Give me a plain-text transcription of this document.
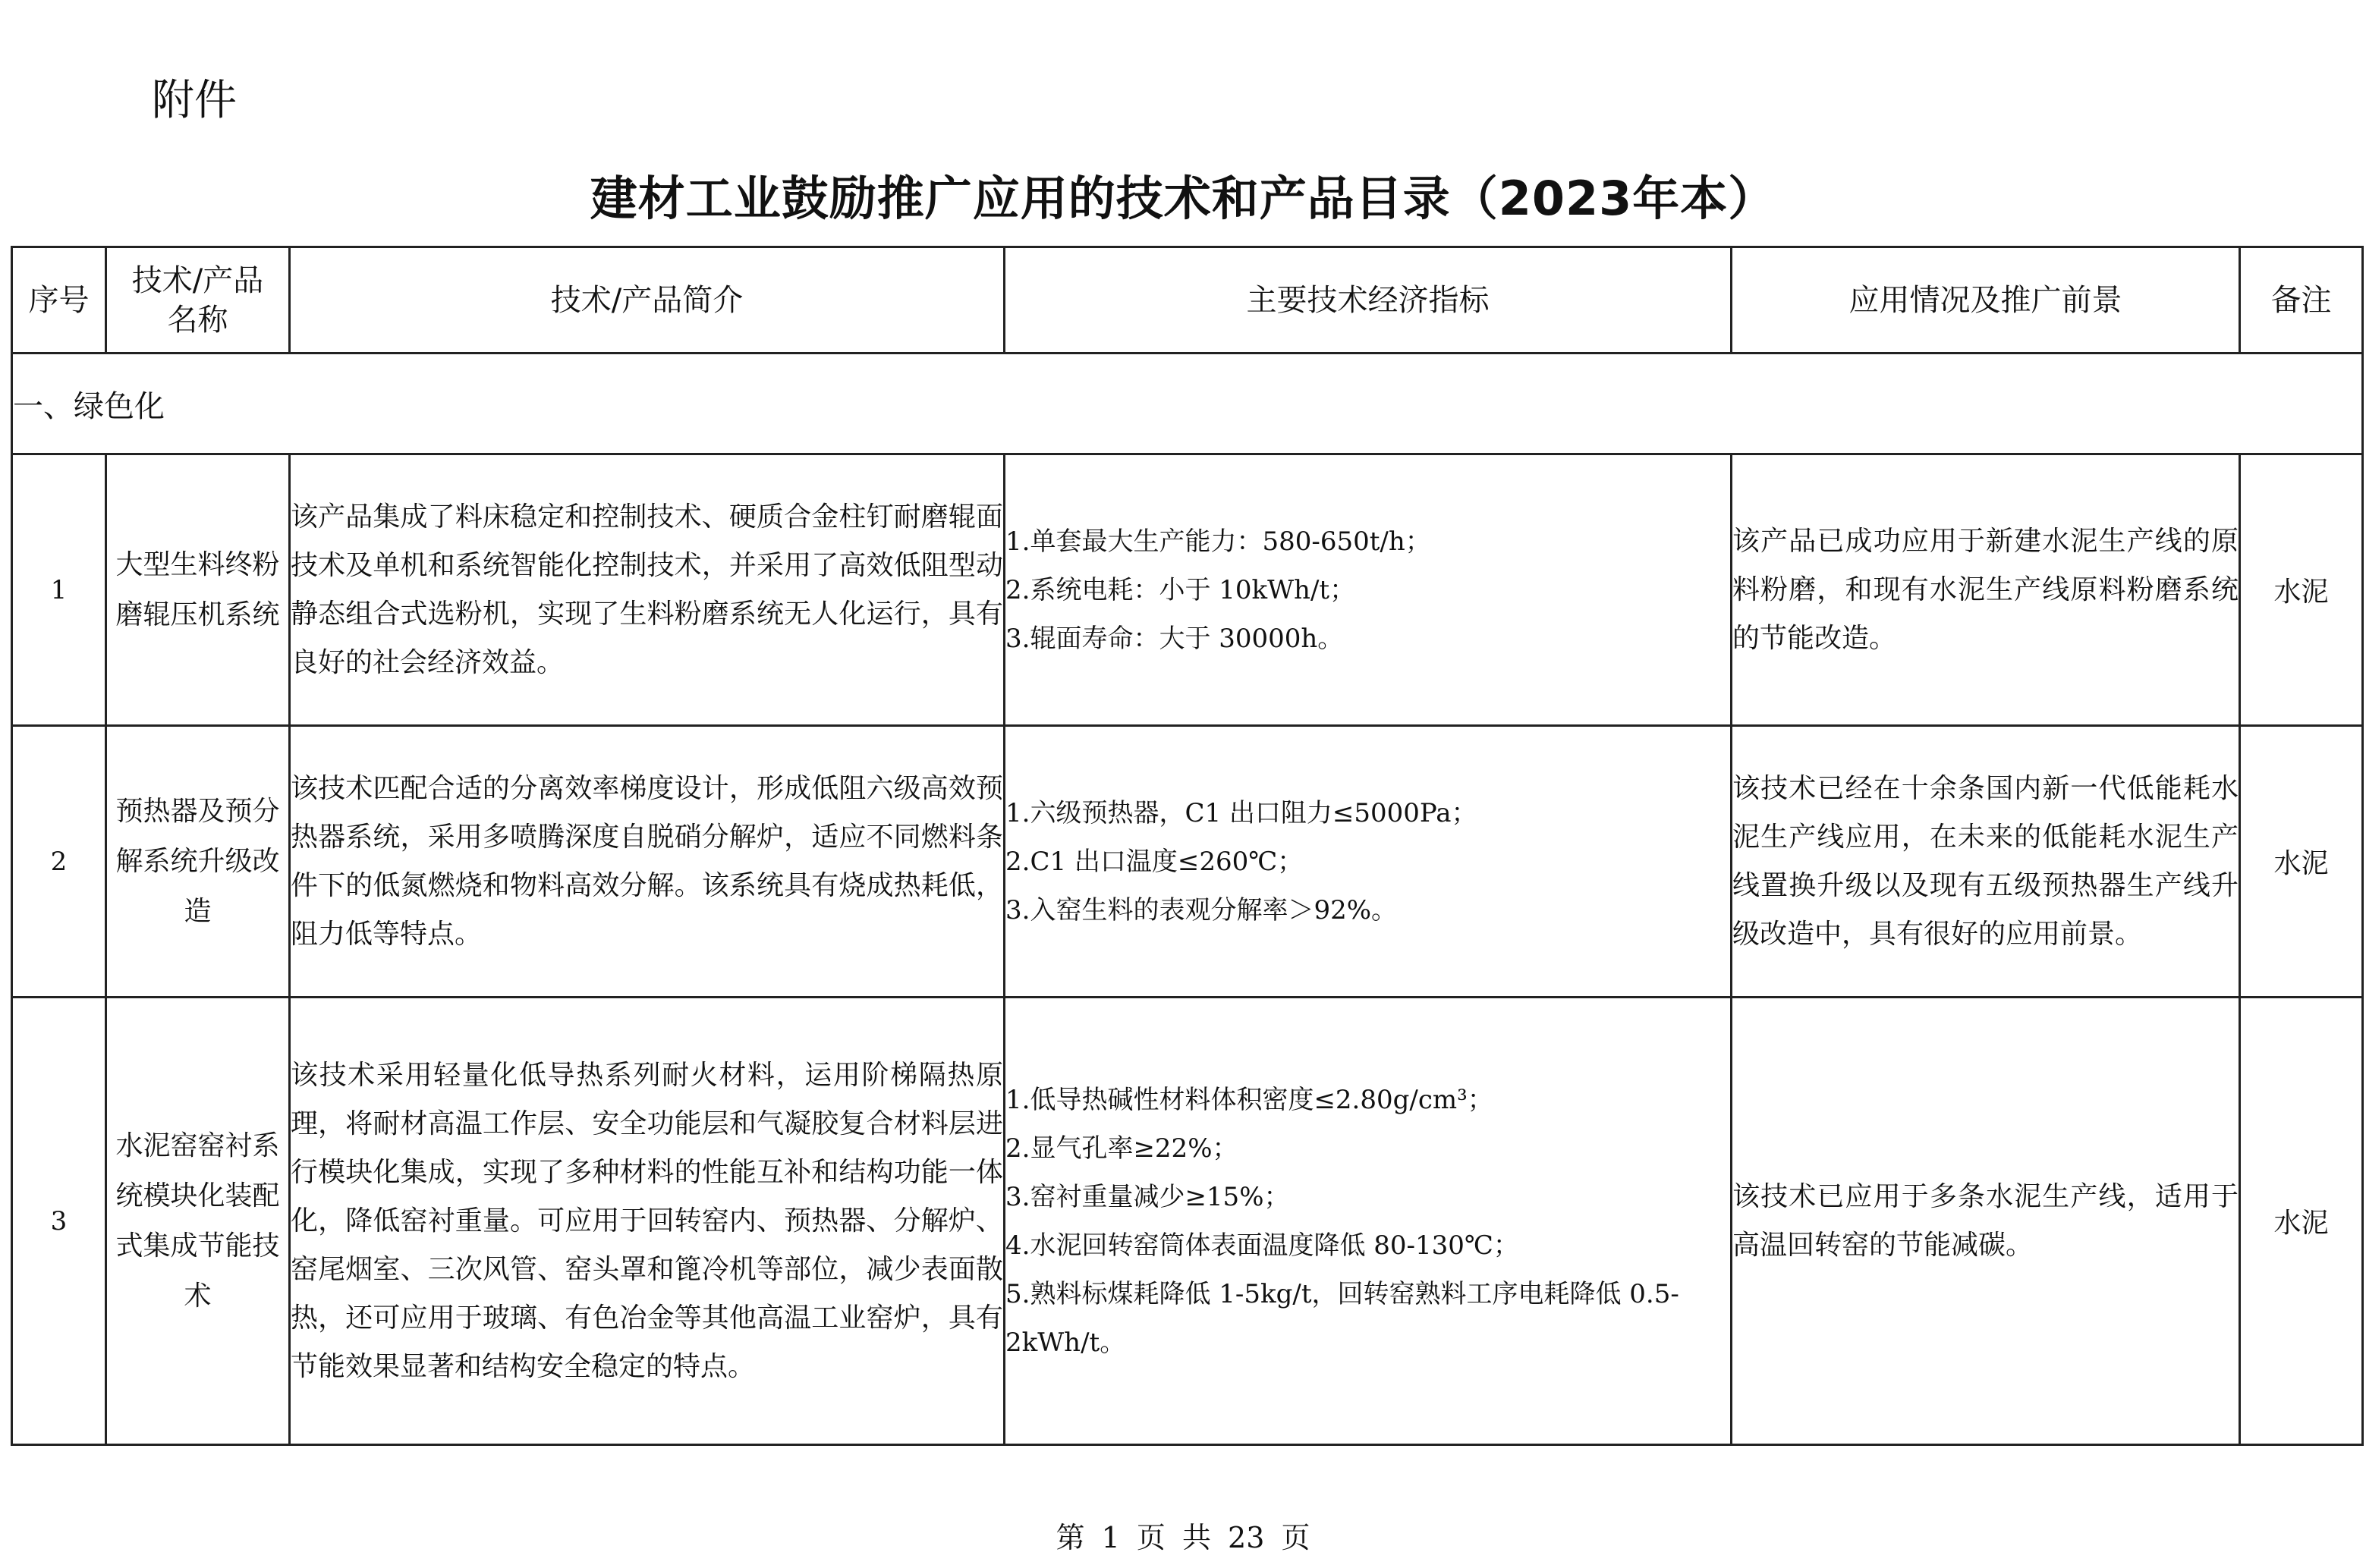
附件
建材工业鼓励推广应用的技术和产品目录（2023年本）
序号	技术/产品名称	技术/产品简介	主要技术经济指标	应用情况及推广前景	备注
一、绿色化					
1	大型生料终粉磨辊压机系统	该产品集成了料床稳定和控制技术、硬质合金柱钉耐磨辊面技术及单机和系统智能化控制技术，并采用了高效低阻型动静态组合式选粉机，实现了生料粉磨系统无人化运行，具有良好的社会经济效益。	1.单套最大生产能力：580-650t/h；
2.系统电耗：小于 10kWh/t；
3.辊面寿命：大于 30000h。	该产品已成功应用于新建水泥生产线的原料粉磨，和现有水泥生产线原料粉磨系统的节能改造。	水泥
2	预热器及预分解系统升级改造	该技术匹配合适的分离效率梯度设计，形成低阻六级高效预热器系统，采用多喷腾深度自脱硝分解炉，适应不同燃料条件下的低氮燃烧和物料高效分解。该系统具有烧成热耗低，阻力低等特点。	1.六级预热器，C1 出口阻力≤5000Pa；
2.C1 出口温度≤260℃；
3.入窑生料的表观分解率＞92%。	该技术已经在十余条国内新一代低能耗水泥生产线应用，在未来的低能耗水泥生产线置换升级以及现有五级预热器生产线升级改造中，具有很好的应用前景。	水泥
3	水泥窑窑衬系统模块化装配式集成节能技术	该技术采用轻量化低导热系列耐火材料，运用阶梯隔热原理，将耐材高温工作层、安全功能层和气凝胶复合材料层进行模块化集成，实现了多种材料的性能互补和结构功能一体化，降低窑衬重量。可应用于回转窑内、预热器、分解炉、窑尾烟室、三次风管、窑头罩和篦冷机等部位，减少表面散热，还可应用于玻璃、有色冶金等其他高温工业窑炉，具有节能效果显著和结构安全稳定的特点。	1.低导热碱性材料体积密度≤2.80g/cm³；
2.显气孔率≥22%；
3.窑衬重量减少≥15%；
4.水泥回转窑筒体表面温度降低 80-130℃；
5.熟料标煤耗降低 1-5kg/t，回转窑熟料工序电耗降低 0.5-2kWh/t。	该技术已应用于多条水泥生产线，适用于高温回转窑的节能减碳。	水泥
第 1 页 共 23 页
